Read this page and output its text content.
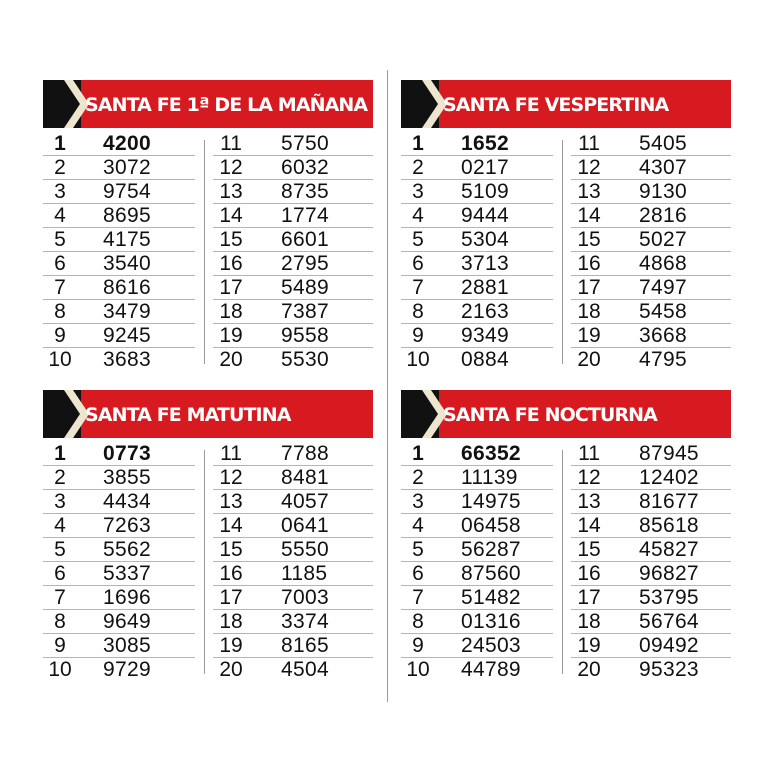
SANTA FE 1ª DE LA MAÑANA
1	4200
2	3072
3	9754
4	8695
5	4175
6	3540
7	8616
8	3479
9	9245
10 3683
11	5750
12	6032
13	8735
14	1774
15	6601
16	2795
17	5489
18	7387
19	9558
20	5530
SANTA FE VESPERTINA
1	1652
2	0217
3	5109
4	9444
5	5304
6	3713
7	2881
8	2163
9	9349
10 0884
11	5405
12	4307
13	9130
14	2816
15	5027
16	4868
17	7497
18	5458
19	3668
20	4795
SANTA FE MATUTINA
1	0773
2	3855
3	4434
4	7263
5	5562
6	5337
7	1696
8	9649
9	3085
10 9729
11	7788
12	8481
13	4057
14	0641
15	5550
16	1185
17	7003
18	3374
19	8165
20	4504
SANTA FE NOCTURNA
1	66352
2	11139
3	14975
4	06458
5	56287
6	87560
7	51482
8	01316
9	24503
10 44789
11	87945
12	12402
13	81677
14	85618
15	45827
16	96827
17	53795
18	56764
19	09492
20	95323
